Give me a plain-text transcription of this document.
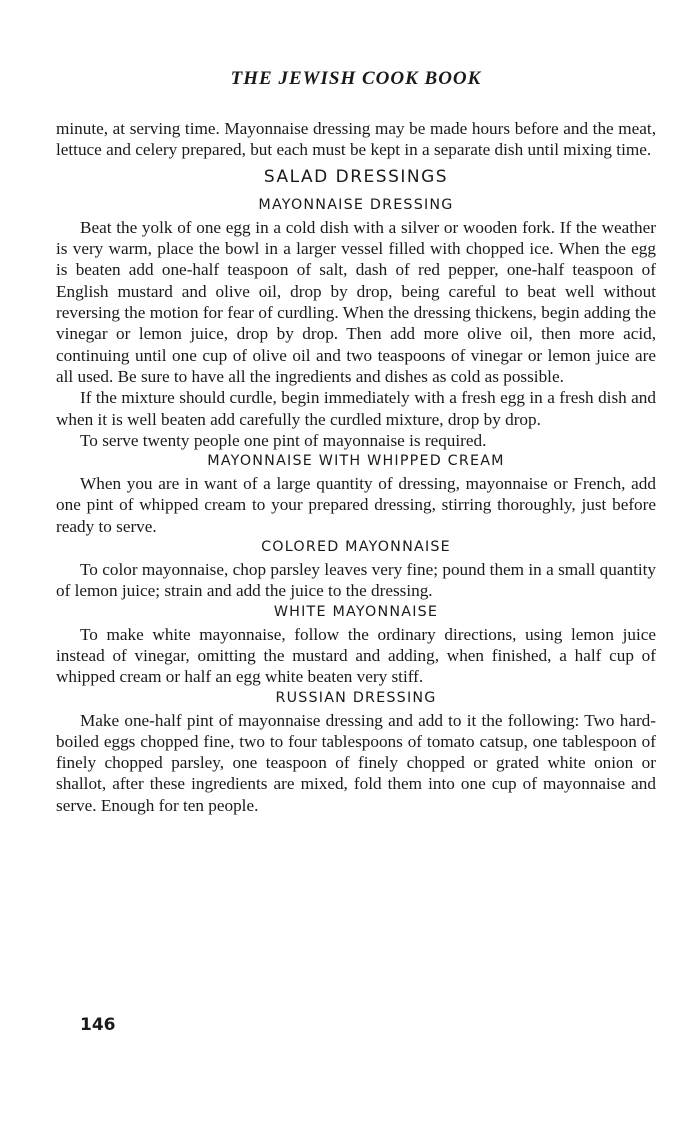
THE JEWISH COOK BOOK

minute, at serving time. Mayonnaise dressing may be made hours before and the meat, lettuce and celery prepared, but each must be kept in a separate dish until mixing time.

SALAD DRESSINGS
MAYONNAISE DRESSING

Beat the yolk of one egg in a cold dish with a silver or wooden fork. If the weather is very warm, place the bowl in a larger vessel filled with chopped ice. When the egg is beaten add one-half teaspoon of salt, dash of red pepper, one-half teaspoon of English mustard and olive oil, drop by drop, being careful to beat well without reversing the motion for fear of curdling. When the dressing thickens, begin adding the vinegar or lemon juice, drop by drop. Then add more olive oil, then more acid, continuing until one cup of olive oil and two teaspoons of vinegar or lemon juice are all used. Be sure to have all the ingredients and dishes as cold as possible.

If the mixture should curdle, begin immediately with a fresh egg in a fresh dish and when it is well beaten add carefully the curdled mixture, drop by drop.

To serve twenty people one pint of mayonnaise is required.

MAYONNAISE WITH WHIPPED CREAM

When you are in want of a large quantity of dressing, mayonnaise or French, add one pint of whipped cream to your prepared dressing, stirring thoroughly, just before ready to serve.

COLORED MAYONNAISE

To color mayonnaise, chop parsley leaves very fine; pound them in a small quantity of lemon juice; strain and add the juice to the dressing.

WHITE MAYONNAISE

To make white mayonnaise, follow the ordinary directions, using lemon juice instead of vinegar, omitting the mustard and adding, when finished, a half cup of whipped cream or half an egg white beaten very stiff.

RUSSIAN DRESSING

Make one-half pint of mayonnaise dressing and add to it the following: Two hard-boiled eggs chopped fine, two to four tablespoons of tomato catsup, one tablespoon of finely chopped parsley, one teaspoon of finely chopped or grated white onion or shallot, after these ingredients are mixed, fold them into one cup of mayonnaise and serve. Enough for ten people.

146
